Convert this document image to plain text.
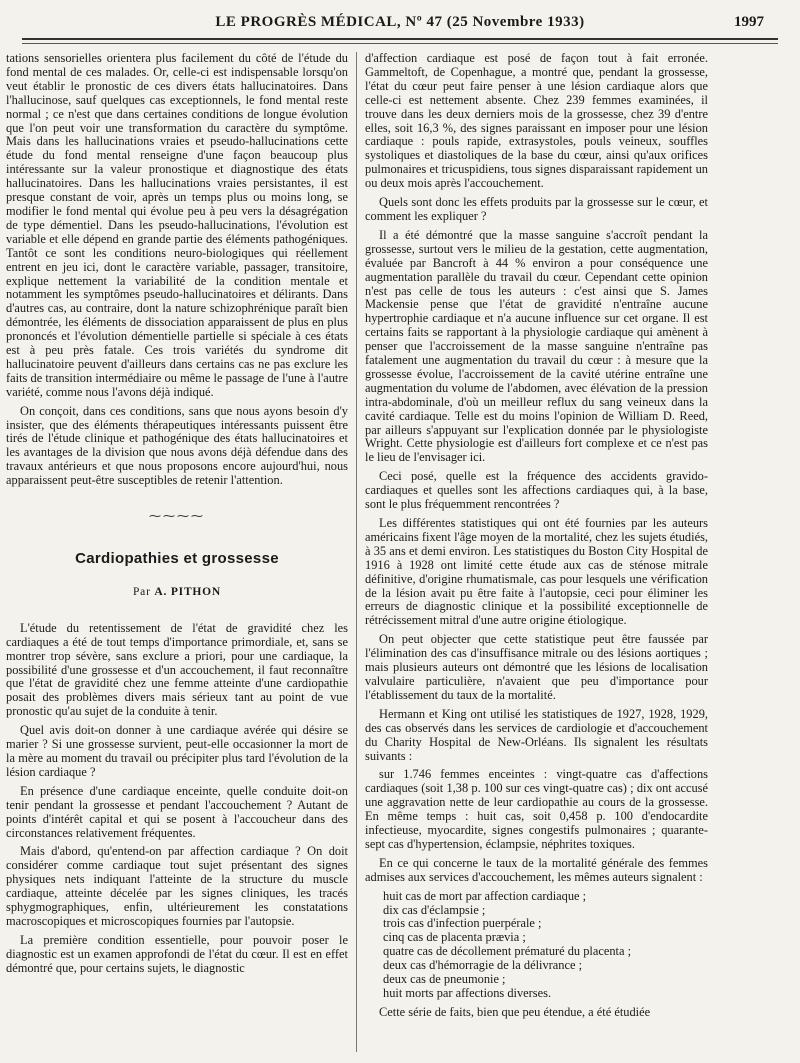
LE PROGRÈS MÉDICAL, Nº 47 (25 Novembre 1933)	1997

tations sensorielles orientera plus facilement du côté de l'étude du fond mental de ces malades. Or, celle-ci est indispensable lorsqu'on veut établir le pronostic de ces divers états hallucinatoires. Dans l'hallucinose, sauf quelques cas exceptionnels, le fond mental reste normal ; ce n'est que dans certaines conditions de longue évolution que l'on peut voir une transformation du caractère du symptôme. Mais dans les hallucinations vraies et pseudo-hallucinations cette étude du fond mental renseigne d'une façon beaucoup plus intéressante sur la valeur pronostique et diagnostique des états hallucinatoires. Dans les hallucinations vraies persistantes, il est presque constant de voir, après un temps plus ou moins long, se modifier le fond mental qui évolue peu à peu vers la désagrégation de type démentiel. Dans les pseudo-hallucinations, l'évolution est variable et elle dépend en grande partie des éléments pathogéniques. Tantôt ce sont les conditions neuro-biologiques qui réellement entrent en jeu ici, dont le caractère variable, passager, transitoire, explique nettement la variabilité de la condition mentale et notamment les symptômes pseudo-hallucinatoires et délirants. Dans d'autres cas, au contraire, dont la nature schizophrénique paraît bien démontrée, les éléments de dissociation apparaissent de plus en plus prononcés et l'évolution démentielle partielle si spéciale à ces états est à peu près fatale. Ces trois variétés du syndrome dit hallucinatoire peuvent d'ailleurs dans certains cas ne pas exclure les faits de transition intermédiaire ou même le passage de l'une à l'autre variété, comme nous l'avons déjà indiqué.

On conçoit, dans ces conditions, sans que nous ayons besoin d'y insister, que des éléments thérapeutiques intéressants puissent être tirés de l'étude clinique et pathogénique des états hallucinatoires et les avantages de la division que nous avons déjà défendue dans des travaux antérieurs et que nous proposons encore aujourd'hui, nous apparaissent peut-être susceptibles de retenir l'attention.

⁓⁓⁓⁓
Cardiopathies et grossesse
Par A. PITHON

L'étude du retentissement de l'état de gravidité chez les cardiaques a été de tout temps d'importance primordiale, et, sans se montrer trop sévère, sans exclure a priori, pour une cardiaque, la possibilité d'une grossesse et d'un accouchement, il faut reconnaître que l'état de gravidité chez une femme atteinte d'une cardiopathie posait des problèmes divers mais sérieux tant au point de vue pronostic qu'au sujet de la conduite à tenir.

Quel avis doit-on donner à une cardiaque avérée qui désire se marier ? Si une grossesse survient, peut-elle occasionner la mort de la mère au moment du travail ou précipiter plus tard l'évolution de la lésion cardiaque ?

En présence d'une cardiaque enceinte, quelle conduite doit-on tenir pendant la grossesse et pendant l'accouchement ? Autant de points d'intérêt capital et qui se posent à l'accoucheur dans des circonstances relativement fréquentes.

Mais d'abord, qu'entend-on par affection cardiaque ? On doit considérer comme cardiaque tout sujet présentant des signes physiques nets indiquant l'atteinte de la structure du muscle cardiaque, atteinte décelée par les signes cliniques, les tracés sphygmographiques, enfin, ultérieurement les constatations macroscopiques et microscopiques fournies par l'autopsie.

La première condition essentielle, pour pouvoir poser le diagnostic est un examen approfondi de l'état du cœur. Il est en effet démontré que, pour certains sujets, le diagnostic

d'affection cardiaque est posé de façon tout à fait erronée. Gammeltoft, de Copenhague, a montré que, pendant la grossesse, l'état du cœur peut faire penser à une lésion cardiaque alors que celle-ci est nettement absente. Chez 239 femmes examinées, il trouve dans les deux derniers mois de la grossesse, chez 39 d'entre elles, soit 16,3 %, des signes paraissant en imposer pour une lésion cardiaque : pouls rapide, extrasystoles, pouls veineux, souffles systoliques et diastoliques de la base du cœur, ainsi qu'aux orifices pulmonaires et tricuspidiens, tous signes disparaissant rapidement un ou deux mois après l'accouchement.

Quels sont donc les effets produits par la grossesse sur le cœur, et comment les expliquer ?

Il a été démontré que la masse sanguine s'accroît pendant la grossesse, surtout vers le milieu de la gestation, cette augmentation, évaluée par Bancroft à 44 % environ a pour conséquence une augmentation parallèle du travail du cœur. Cependant cette opinion n'est pas celle de tous les auteurs : c'est ainsi que S. James Mackensie pense que l'état de gravidité n'entraîne aucune hypertrophie cardiaque et n'a aucune influence sur cet organe. Il est certains faits se rapportant à la physiologie cardiaque qui amènent à penser que l'accroissement de la masse sanguine n'entraîne pas fatalement une augmentation du travail du cœur : à mesure que la grossesse évolue, l'accroissement de la cavité utérine entraîne une augmentation du volume de l'abdomen, avec élévation de la pression intra-abdominale, d'où un meilleur reflux du sang veineux dans la cavité cardiaque. Telle est du moins l'opinion de William D. Reed, par ailleurs s'appuyant sur l'explication donnée par le physiologiste Wright. Cette physiologie est d'ailleurs fort complexe et ce n'est pas le lieu de l'envisager ici.

Ceci posé, quelle est la fréquence des accidents gravido-cardiaques et quelles sont les affections cardiaques qui, à la base, sont le plus fréquemment rencontrées ?

Les différentes statistiques qui ont été fournies par les auteurs américains fixent l'âge moyen de la mortalité, chez les sujets étudiés, à 35 ans et demi environ. Les statistiques du Boston City Hospital de 1916 à 1928 ont limité cette étude aux cas de sténose mitrale définitive, d'origine rhumatismale, cas pour lesquels une vérification de la lésion avait pu être faite à l'autopsie, ceci pour éliminer les erreurs de diagnostic clinique et la possibilité exceptionnelle de rétrécissement mitral d'une autre origine étiologique.

On peut objecter que cette statistique peut être faussée par l'élimination des cas d'insuffisance mitrale ou des lésions aortiques ; mais plusieurs auteurs ont démontré que les lésions de localisation valvulaire particulière, n'avaient que peu d'importance pour l'établissement du taux de la mortalité.

Hermann et King ont utilisé les statistiques de 1927, 1928, 1929, des cas observés dans les services de cardiologie et d'accouchement du Charity Hospital de New-Orléans. Ils signalent les résultats suivants :

sur 1.746 femmes enceintes : vingt-quatre cas d'affections cardiaques (soit 1,38 p. 100 sur ces vingt-quatre cas) ; dix ont accusé une aggravation nette de leur cardiopathie au cours de la grossesse. En même temps : huit cas, soit 0,458 p. 100 d'endocardite infectieuse, myocardite, signes congestifs pulmonaires ; quarante-sept cas d'hypertension, éclampsie, néphrites toxiques.

En ce qui concerne le taux de la mortalité générale des femmes admises aux services d'accouchement, les mêmes auteurs signalent :

huit cas de mort par affection cardiaque ;
dix cas d'éclampsie ;
trois cas d'infection puerpérale ;
cinq cas de placenta prævia ;
quatre cas de décollement prématuré du placenta ;
deux cas d'hémorragie de la délivrance ;
deux cas de pneumonie ;
huit morts par affections diverses.

Cette série de faits, bien que peu étendue, a été étudiée
